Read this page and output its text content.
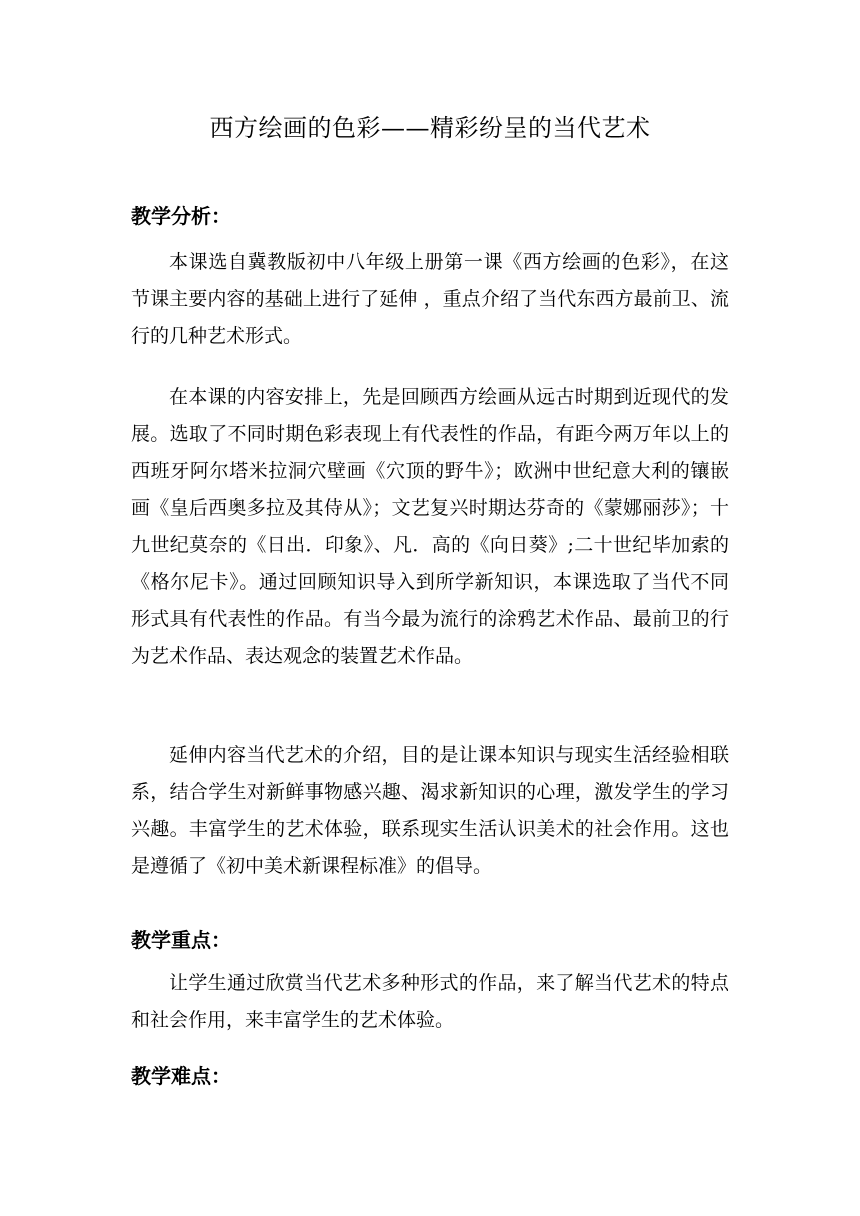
西方绘画的色彩——精彩纷呈的当代艺术
教学分析：
本课选自冀教版初中八年级上册第一课《西方绘画的色彩》，在这节课主要内容的基础上进行了延伸 ，重点介绍了当代东西方最前卫、流行的几种艺术形式。
在本课的内容安排上，先是回顾西方绘画从远古时期到近现代的发展。选取了不同时期色彩表现上有代表性的作品，有距今两万年以上的西班牙阿尔塔米拉洞穴壁画《穴顶的野牛》；欧洲中世纪意大利的镶嵌画《皇后西奥多拉及其侍从》；文艺复兴时期达芬奇的《蒙娜丽莎》；十九世纪莫奈的《日出．印象》、凡．高的《向日葵》;二十世纪毕加索的《格尔尼卡》。通过回顾知识导入到所学新知识，本课选取了当代不同形式具有代表性的作品。有当今最为流行的涂鸦艺术作品、最前卫的行为艺术作品、表达观念的装置艺术作品。
延伸内容当代艺术的介绍，目的是让课本知识与现实生活经验相联系，结合学生对新鲜事物感兴趣、渴求新知识的心理，激发学生的学习兴趣。丰富学生的艺术体验，联系现实生活认识美术的社会作用。这也是遵循了《初中美术新课程标准》的倡导。
教学重点：
让学生通过欣赏当代艺术多种形式的作品，来了解当代艺术的特点和社会作用，来丰富学生的艺术体验。
教学难点：
